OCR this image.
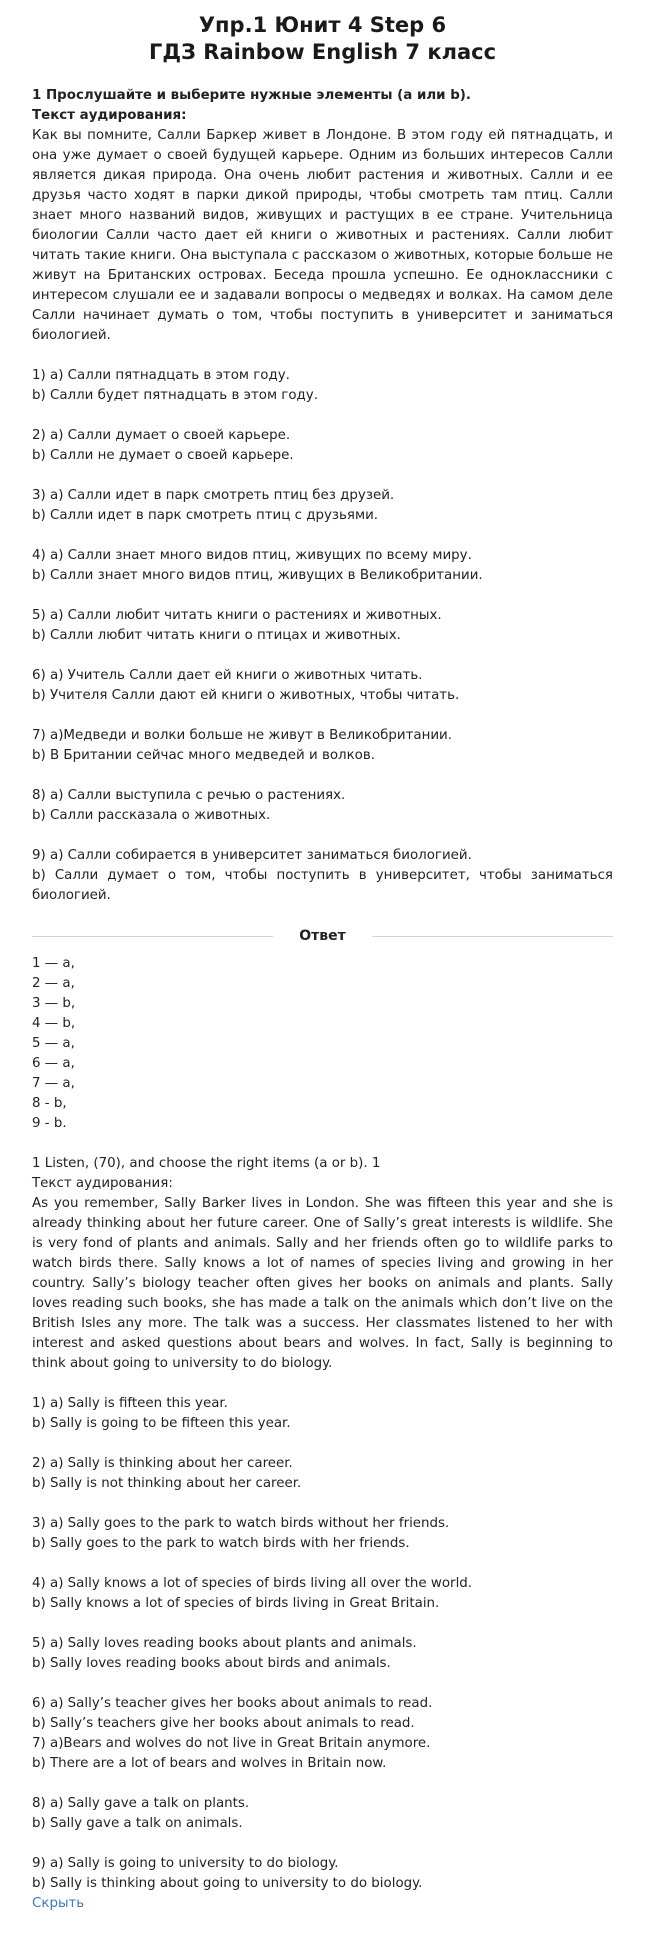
Упр.1 Юнит 4 Step 6
ГДЗ Rainbow English 7 класс
1 Прослушайте и выберите нужные элементы (а или b).
Текст аудирования:
Как вы помните, Салли Баркер живет в Лондоне. В этом году ей пятнадцать, и она уже думает о своей будущей карьере. Одним из больших интересов Салли является дикая природа. Она очень любит растения и животных. Салли и ее друзья часто ходят в парки дикой природы, чтобы смотреть там птиц. Салли знает много названий видов, живущих и растущих в ее стране. Учительница биологии Салли часто дает ей книги о животных и растениях. Салли любит читать такие книги. Она выступала с рассказом о животных, которые больше не живут на Британских островах. Беседа прошла успешно. Ее одноклассники с интересом слушали ее и задавали вопросы о медведях и волках. На самом деле Салли начинает думать о том, чтобы поступить в университет и заниматься биологией.
1) а) Салли пятнадцать в этом году.
b) Салли будет пятнадцать в этом году.
2) а) Салли думает о своей карьере.
b) Салли не думает о своей карьере.
3) а) Салли идет в парк смотреть птиц без друзей.
b) Салли идет в парк смотреть птиц с друзьями.
4) а) Салли знает много видов птиц, живущих по всему миру.
b) Салли знает много видов птиц, живущих в Великобритании.
5) а) Салли любит читать книги о растениях и животных.
b) Салли любит читать книги о птицах и животных.
6) а) Учитель Салли дает ей книги о животных читать.
b) Учителя Салли дают ей книги о животных, чтобы читать.
7) а)Медведи и волки больше не живут в Великобритании.
b) В Британии сейчас много медведей и волков.
8) а) Салли выступила с речью о растениях.
b) Салли рассказала о животных.
9) а) Салли собирается в университет заниматься биологией.
b) Салли думает о том, чтобы поступить в университет, чтобы заниматься биологией.
Ответ
1 — a,
2 — a,
3 — b,
4 — b,
5 — a,
6 — a,
7 — a,
8 - b,
9 - b.
1 Listen, (70), and choose the right items (a or b). 1
Текст аудирования:
As you remember, Sally Barker lives in London. She was fifteen this year and she is already thinking about her future career. One of Sally’s great interests is wildlife. She is very fond of plants and animals. Sally and her friends often go to wildlife parks to watch birds there. Sally knows a lot of names of species living and growing in her country. Sally’s biology teacher often gives her books on animals and plants. Sally loves reading such books, she has made a talk on the animals which don’t live on the British Isles any more. The talk was a success. Her classmates listened to her with interest and asked questions about bears and wolves. In fact, Sally is beginning to think about going to university to do biology.
1) a) Sally is fifteen this year.
b) Sally is going to be fifteen this year.
2) a) Sally is thinking about her career.
b) Sally is not thinking about her career.
3) a) Sally goes to the park to watch birds without her friends.
b) Sally goes to the park to watch birds with her friends.
4) a) Sally knows a lot of species of birds living all over the world.
b) Sally knows a lot of species of birds living in Great Britain.
5) a) Sally loves reading books about plants and animals.
b) Sally loves reading books about birds and animals.
6) a) Sally’s teacher gives her books about animals to read.
b) Sally’s teachers give her books about animals to read.
7) a)Bears and wolves do not live in Great Britain anymore.
b) There are a lot of bears and wolves in Britain now.
8) a) Sally gave a talk on plants.
b) Sally gave a talk on animals.
9) a) Sally is going to university to do biology.
b) Sally is thinking about going to university to do biology.
Скрыть
